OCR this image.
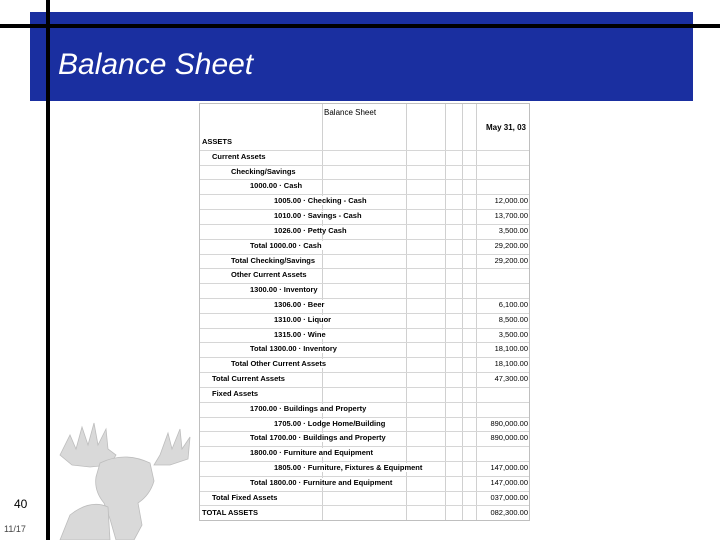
Balance Sheet
40
11/17
Balance Sheet
May 31, 03
ASSETS
Current Assets
Checking/Savings
1000.00 · Cash
1005.00 · Checking - Cash	12,000.00
1010.00 · Savings - Cash	13,700.00
1026.00 · Petty Cash	3,500.00
Total 1000.00 · Cash	29,200.00
Total Checking/Savings	29,200.00
Other Current Assets
1300.00 · Inventory
1306.00 · Beer	6,100.00
1310.00 · Liquor	8,500.00
1315.00 · Wine	3,500.00
Total 1300.00 · Inventory	18,100.00
Total Other Current Assets	18,100.00
Total Current Assets	47,300.00
Fixed Assets
1700.00 · Buildings and Property
1705.00 · Lodge Home/Building	890,000.00
Total 1700.00 · Buildings and Property	890,000.00
1800.00 · Furniture and Equipment
1805.00 · Furniture, Fixtures & Equipment	147,000.00
Total 1800.00 · Furniture and Equipment	147,000.00
Total Fixed Assets	037,000.00
TOTAL ASSETS	082,300.00
